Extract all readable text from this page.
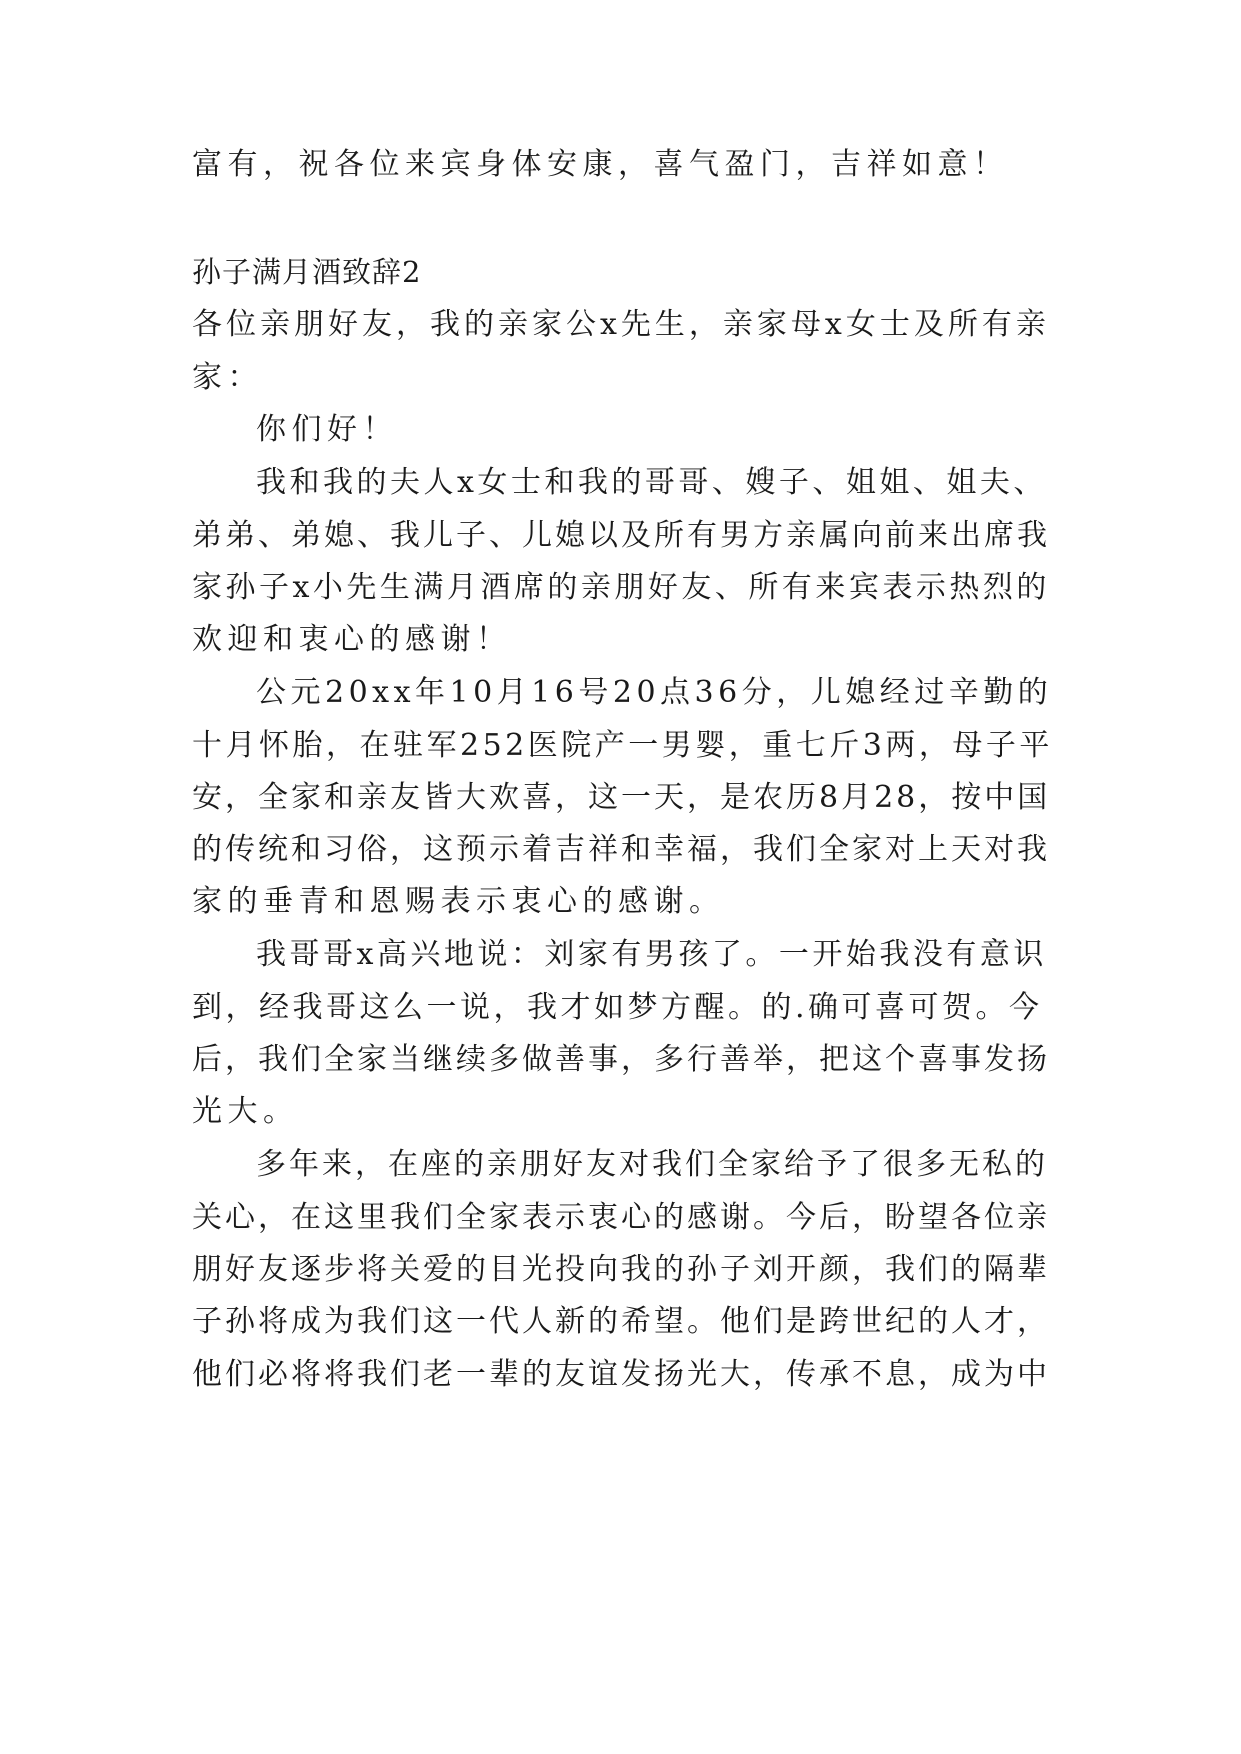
富有，祝各位来宾身体安康，喜气盈门，吉祥如意！
孙子满月酒致辞2
各位亲朋好友，我的亲家公x先生，亲家母x女士及所有亲
家：
你们好！
我和我的夫人x女士和我的哥哥、嫂子、姐姐、姐夫、
弟弟、弟媳、我儿子、儿媳以及所有男方亲属向前来出席我
家孙子x小先生满月酒席的亲朋好友、所有来宾表示热烈的
欢迎和衷心的感谢！
公元20xx年10月16号20点36分，儿媳经过辛勤的
十月怀胎，在驻军252医院产一男婴，重七斤3两，母子平
安，全家和亲友皆大欢喜，这一天，是农历8月28，按中国
的传统和习俗，这预示着吉祥和幸福，我们全家对上天对我
家的垂青和恩赐表示衷心的感谢。
我哥哥x高兴地说：刘家有男孩了。一开始我没有意识
到，经我哥这么一说，我才如梦方醒。的.确可喜可贺。今
后，我们全家当继续多做善事，多行善举，把这个喜事发扬
光大。
多年来，在座的亲朋好友对我们全家给予了很多无私的
关心，在这里我们全家表示衷心的感谢。今后，盼望各位亲
朋好友逐步将关爱的目光投向我的孙子刘开颜，我们的隔辈
子孙将成为我们这一代人新的希望。他们是跨世纪的人才，
他们必将将我们老一辈的友谊发扬光大，传承不息，成为中
